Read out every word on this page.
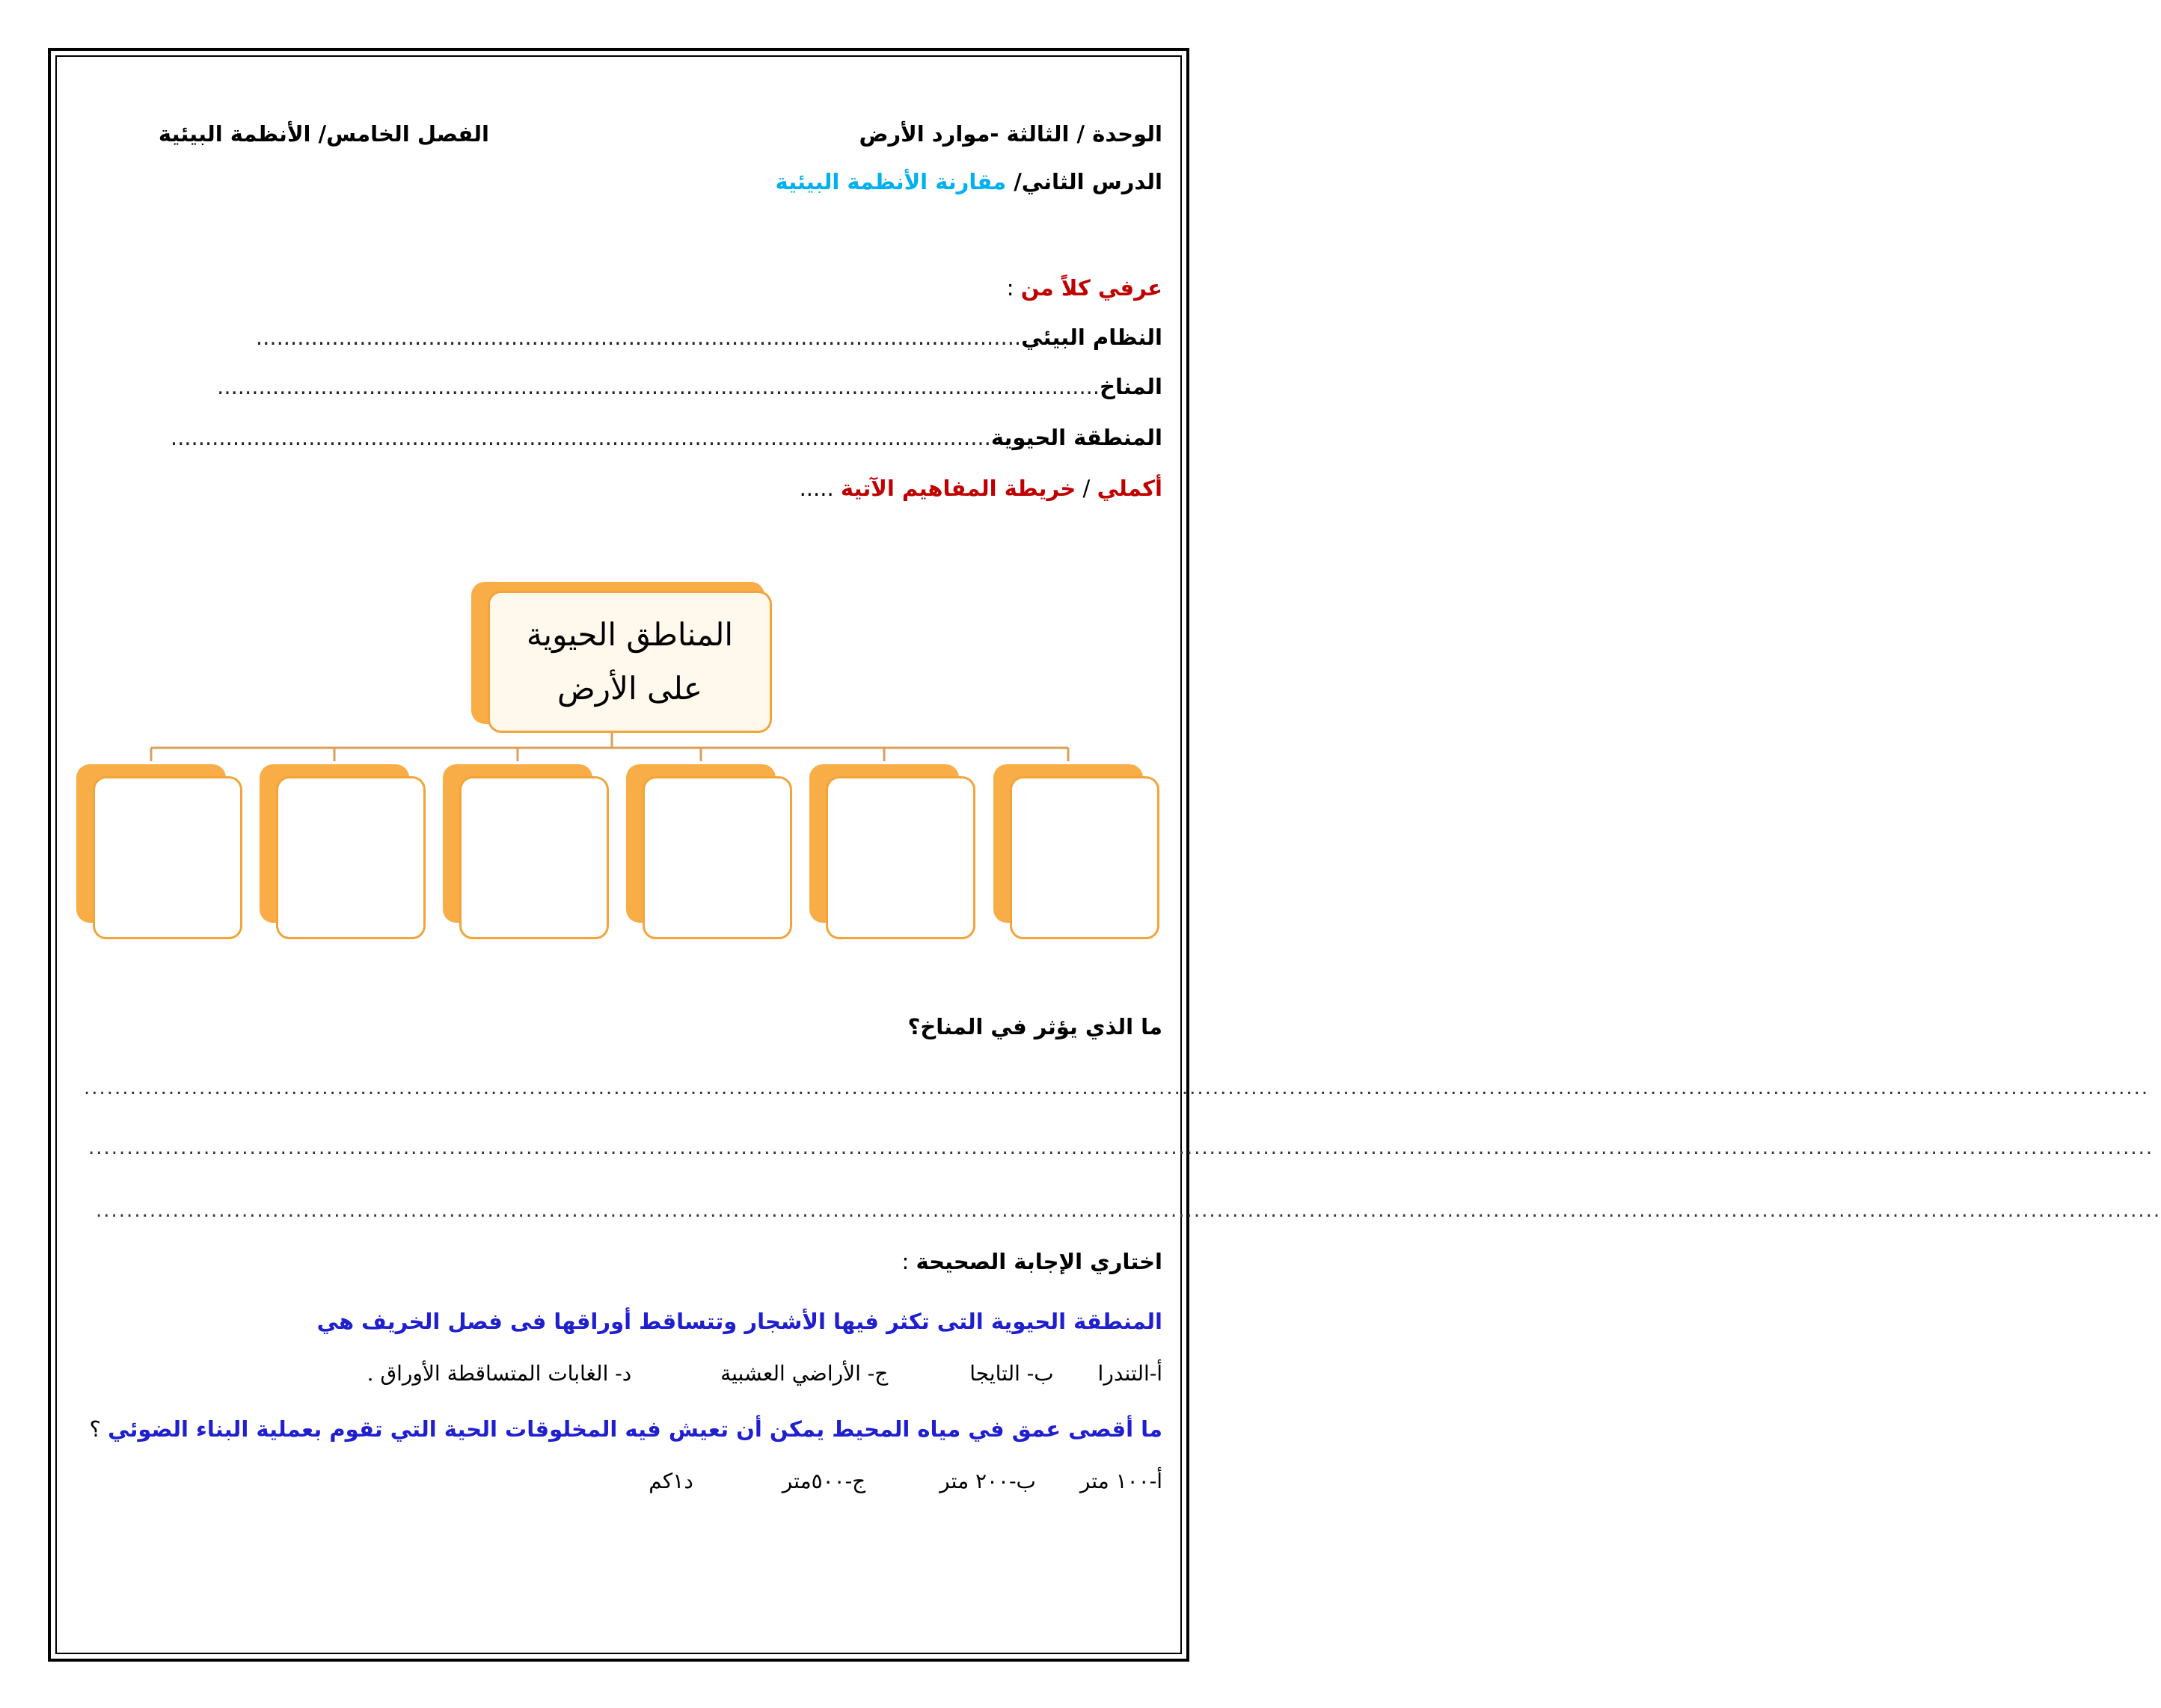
الوحدة / الثالثة -موارد الأرض
الفصل الخامس/ الأنظمة البيئية
الدرس الثاني/ مقارنة الأنظمة البيئية
عرفي كلاً من :
النظام البيئي...............................................................................................................
المناخ................................................................................................................................
المنطقة الحيوية.......................................................................................................................
أكملي / خريطة المفاهيم الآتية .....
المناطق الحيوية
على الأرض
ما الذي يؤثر في المناخ؟
.............................................................................................................................................................................................................................................................................
.............................................................................................................................................................................................................................................................................
.............................................................................................................................................................................................................................................................................
اختاري الإجابة الصحيحة :
المنطقة الحيوية التى تكثر فيها الأشجار وتتساقط أوراقها فى فصل الخريف هي
أ-التندرا ب- التايجا ج- الأراضي العشبية د- الغابات المتساقطة الأوراق .
ما أقصى عمق في مياه المحيط يمكن أن تعيش فيه المخلوقات الحية التي تقوم بعملية البناء الضوئي ؟
أ-١٠٠ متر ب-٢٠٠ متر ج-٥٠٠متر د١كم
